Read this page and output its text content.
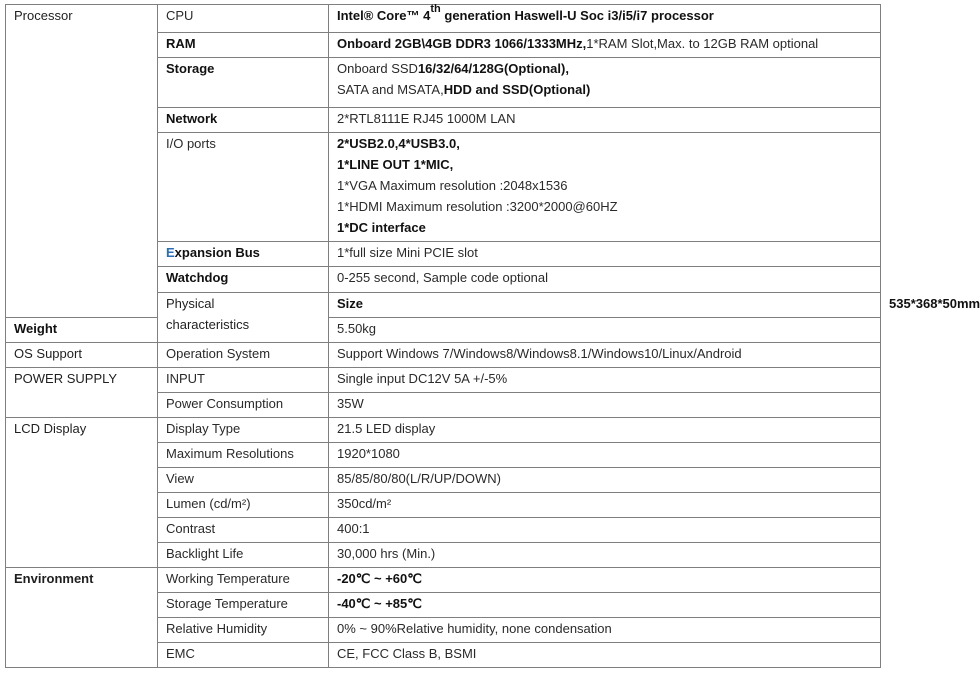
Processor	CPU	Intel® Core™ 4th generation Haswell-U Soc i3/i5/i7 processor	
	RAM	Onboard 2GB\4GB DDR3 1066/1333MHz,1*RAM Slot,Max. to 12GB RAM optional	
	Storage	Onboard SSD16/32/64/128G(Optional),
SATA and MSATA,HDD and SSD(Optional)	

	Network	2*RTL8111E RJ45 1000M LAN	
	I/O ports	2*USB2.0,4*USB3.0,
1*LINE OUT 1*MIC,
1*VGA Maximum resolution :2048x1536
1*HDMI Maximum resolution :3200*2000@60HZ
1*DC interface	

	Expansion Bus	1*full size Mini PCIE slot	
	Watchdog	0-255 second, Sample code optional	

	Physical
characteristics	Size	535*368*50mm
Weight		5.50kg	
OS Support	Operation System	Support Windows 7/Windows8/Windows8.1/Windows10/Linux/Android	
POWER SUPPLY	INPUT	Single input DC12V 5A +/-5%	
	Power Consumption	35W	
LCD Display	Display Type	21.5 LED display	
	Maximum Resolutions	1920*1080	
	View	85/85/80/80(L/R/UP/DOWN)	
	Lumen (cd/m²)	350cd/m²	
	Contrast	400:1	
	Backlight Life	30,000 hrs (Min.)	
Environment	Working Temperature	-20℃ ~ +60℃	
	Storage Temperature	-40℃ ~ +85℃	
	Relative Humidity	0% ~ 90%Relative humidity, none condensation	
	EMC	CE, FCC Class B, BSMI	
